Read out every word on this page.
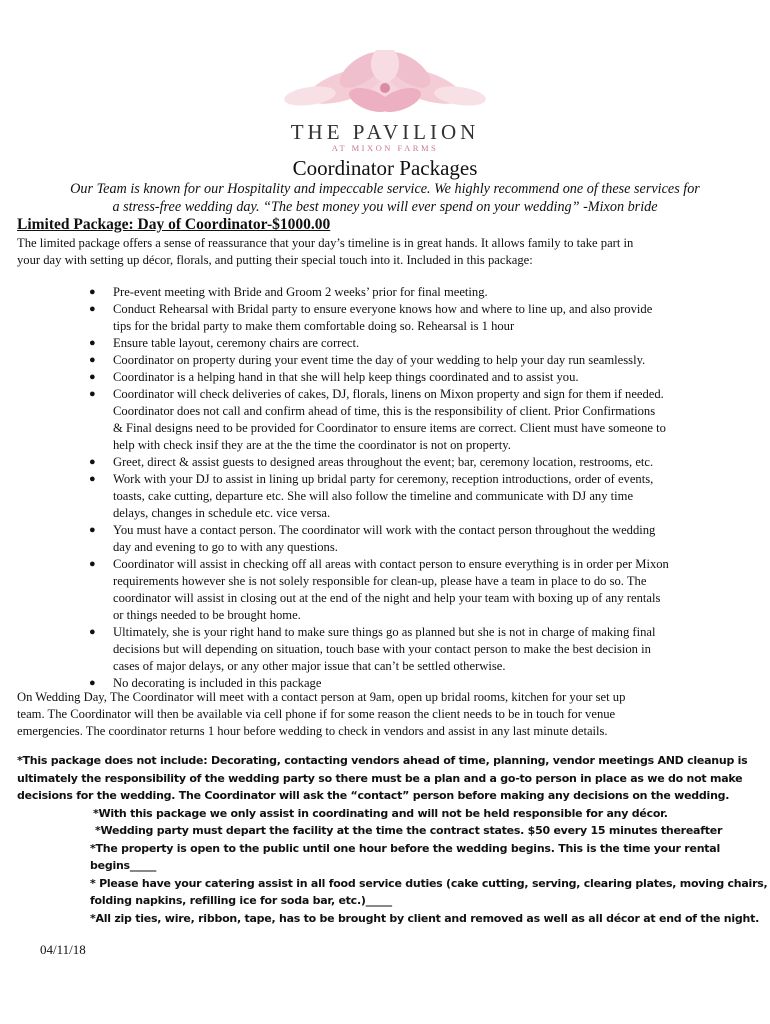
THE PAVILION
AT MIXON FARMS
Coordinator Packages
Our Team is known for our Hospitality and impeccable service. We highly recommend one of these services for
a stress-free wedding day. “The best money you will ever spend on your wedding” -Mixon bride
Limited Package: Day of Coordinator-$1000.00
The limited package offers a sense of reassurance that your day’s timeline is in great hands. It allows family to take part in
your day with setting up décor, florals, and putting their special touch into it. Included in this package:
● Pre-event meeting with Bride and Groom 2 weeks’ prior for final meeting.
● Conduct Rehearsal with Bridal party to ensure everyone knows how and where to line up, and also provide
tips for the bridal party to make them comfortable doing so. Rehearsal is 1 hour
● Ensure table layout, ceremony chairs are correct.
● Coordinator on property during your event time the day of your wedding to help your day run seamlessly.
● Coordinator is a helping hand in that she will help keep things coordinated and to assist you.
● Coordinator will check deliveries of cakes, DJ, florals, linens on Mixon property and sign for them if needed.
Coordinator does not call and confirm ahead of time, this is the responsibility of client. Prior Confirmations
& Final designs need to be provided for Coordinator to ensure items are correct. Client must have someone to
help with check insif they are at the the time the coordinator is not on property.
● Greet, direct & assist guests to designed areas throughout the event; bar, ceremony location, restrooms, etc.
● Work with your DJ to assist in lining up bridal party for ceremony, reception introductions, order of events,
toasts, cake cutting, departure etc. She will also follow the timeline and communicate with DJ any time
delays, changes in schedule etc. vice versa.
● You must have a contact person. The coordinator will work with the contact person throughout the wedding
day and evening to go to with any questions.
● Coordinator will assist in checking off all areas with contact person to ensure everything is in order per Mixon
requirements however she is not solely responsible for clean-up, please have a team in place to do so. The
coordinator will assist in closing out at the end of the night and help your team with boxing up of any rentals
or things needed to be brought home.
● Ultimately, she is your right hand to make sure things go as planned but she is not in charge of making final
decisions but will depending on situation, touch base with your contact person to make the best decision in
cases of major delays, or any other major issue that can’t be settled otherwise.
● No decorating is included in this package
On Wedding Day, The Coordinator will meet with a contact person at 9am, open up bridal rooms, kitchen for your set up
team. The Coordinator will then be available via cell phone if for some reason the client needs to be in touch for venue
emergencies. The coordinator returns 1 hour before wedding to check in vendors and assist in any last minute details.
*This package does not include: Decorating, contacting vendors ahead of time, planning, vendor meetings AND cleanup is
ultimately the responsibility of the wedding party so there must be a plan and a go-to person in place as we do not make
decisions for the wedding. The Coordinator will ask the “contact” person before making any decisions on the wedding.
*With this package we only assist in coordinating and will not be held responsible for any décor.
*Wedding party must depart the facility at the time the contract states. $50 every 15 minutes thereafter
*The property is open to the public until one hour before the wedding begins. This is the time your rental
begins_____
* Please have your catering assist in all food service duties (cake cutting, serving, clearing plates, moving chairs,
folding napkins, refilling ice for soda bar, etc.)_____
*All zip ties, wire, ribbon, tape, has to be brought by client and removed as well as all décor at end of the night.
04/11/18
